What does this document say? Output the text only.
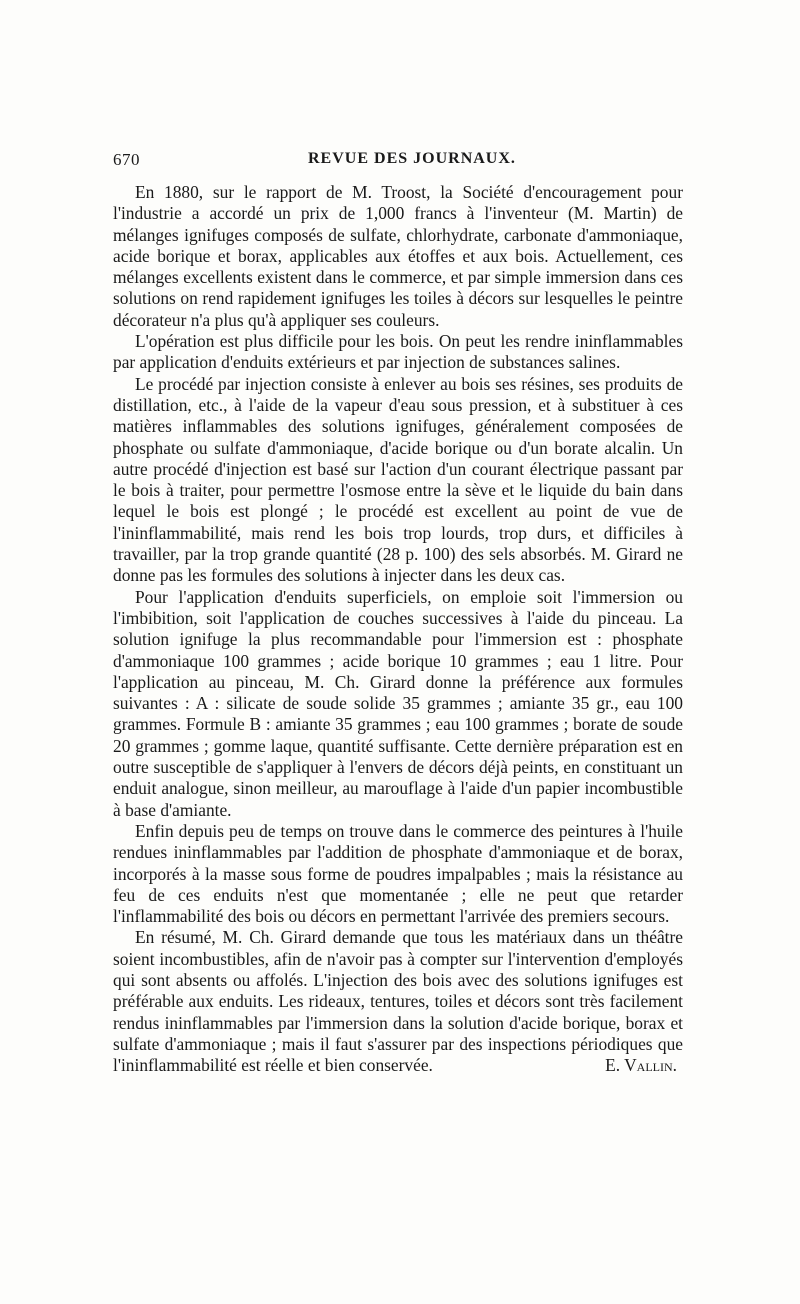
670	REVUE DES JOURNAUX.

En 1880, sur le rapport de M. Troost, la Société d'encouragement pour l'industrie a accordé un prix de 1,000 francs à l'inventeur (M. Martin) de mélanges ignifuges composés de sulfate, chlorhydrate, carbonate d'ammoniaque, acide borique et borax, applicables aux étoffes et aux bois. Actuellement, ces mélanges excellents existent dans le commerce, et par simple immersion dans ces solutions on rend rapidement ignifuges les toiles à décors sur lesquelles le peintre décorateur n'a plus qu'à appliquer ses couleurs.

L'opération est plus difficile pour les bois. On peut les rendre ininflammables par application d'enduits extérieurs et par injection de substances salines.

Le procédé par injection consiste à enlever au bois ses résines, ses produits de distillation, etc., à l'aide de la vapeur d'eau sous pression, et à substituer à ces matières inflammables des solutions ignifuges, généralement composées de phosphate ou sulfate d'ammoniaque, d'acide borique ou d'un borate alcalin. Un autre procédé d'injection est basé sur l'action d'un courant électrique passant par le bois à traiter, pour permettre l'osmose entre la sève et le liquide du bain dans lequel le bois est plongé ; le procédé est excellent au point de vue de l'ininflammabilité, mais rend les bois trop lourds, trop durs, et difficiles à travailler, par la trop grande quantité (28 p. 100) des sels absorbés. M. Girard ne donne pas les formules des solutions à injecter dans les deux cas.

Pour l'application d'enduits superficiels, on emploie soit l'immersion ou l'imbibition, soit l'application de couches successives à l'aide du pinceau. La solution ignifuge la plus recommandable pour l'immersion est : phosphate d'ammoniaque 100 grammes ; acide borique 10 grammes ; eau 1 litre. Pour l'application au pinceau, M. Ch. Girard donne la préférence aux formules suivantes : A : silicate de soude solide 35 grammes ; amiante 35 gr., eau 100 grammes. Formule B : amiante 35 grammes ; eau 100 grammes ; borate de soude 20 grammes ; gomme laque, quantité suffisante. Cette dernière préparation est en outre susceptible de s'appliquer à l'envers de décors déjà peints, en constituant un enduit analogue, sinon meilleur, au marouflage à l'aide d'un papier incombustible à base d'amiante.

Enfin depuis peu de temps on trouve dans le commerce des peintures à l'huile rendues ininflammables par l'addition de phosphate d'ammoniaque et de borax, incorporés à la masse sous forme de poudres impalpables ; mais la résistance au feu de ces enduits n'est que momentanée ; elle ne peut que retarder l'inflammabilité des bois ou décors en permettant l'arrivée des premiers secours.

En résumé, M. Ch. Girard demande que tous les matériaux dans un théâtre soient incombustibles, afin de n'avoir pas à compter sur l'intervention d'employés qui sont absents ou affolés. L'injection des bois avec des solutions ignifuges est préférable aux enduits. Les rideaux, tentures, toiles et décors sont très facilement rendus ininflammables par l'immersion dans la solution d'acide borique, borax et sulfate d'ammoniaque ; mais il faut s'assurer par des inspections périodiques que l'ininflammabilité est réelle et bien conservée.	E. Vallin.
